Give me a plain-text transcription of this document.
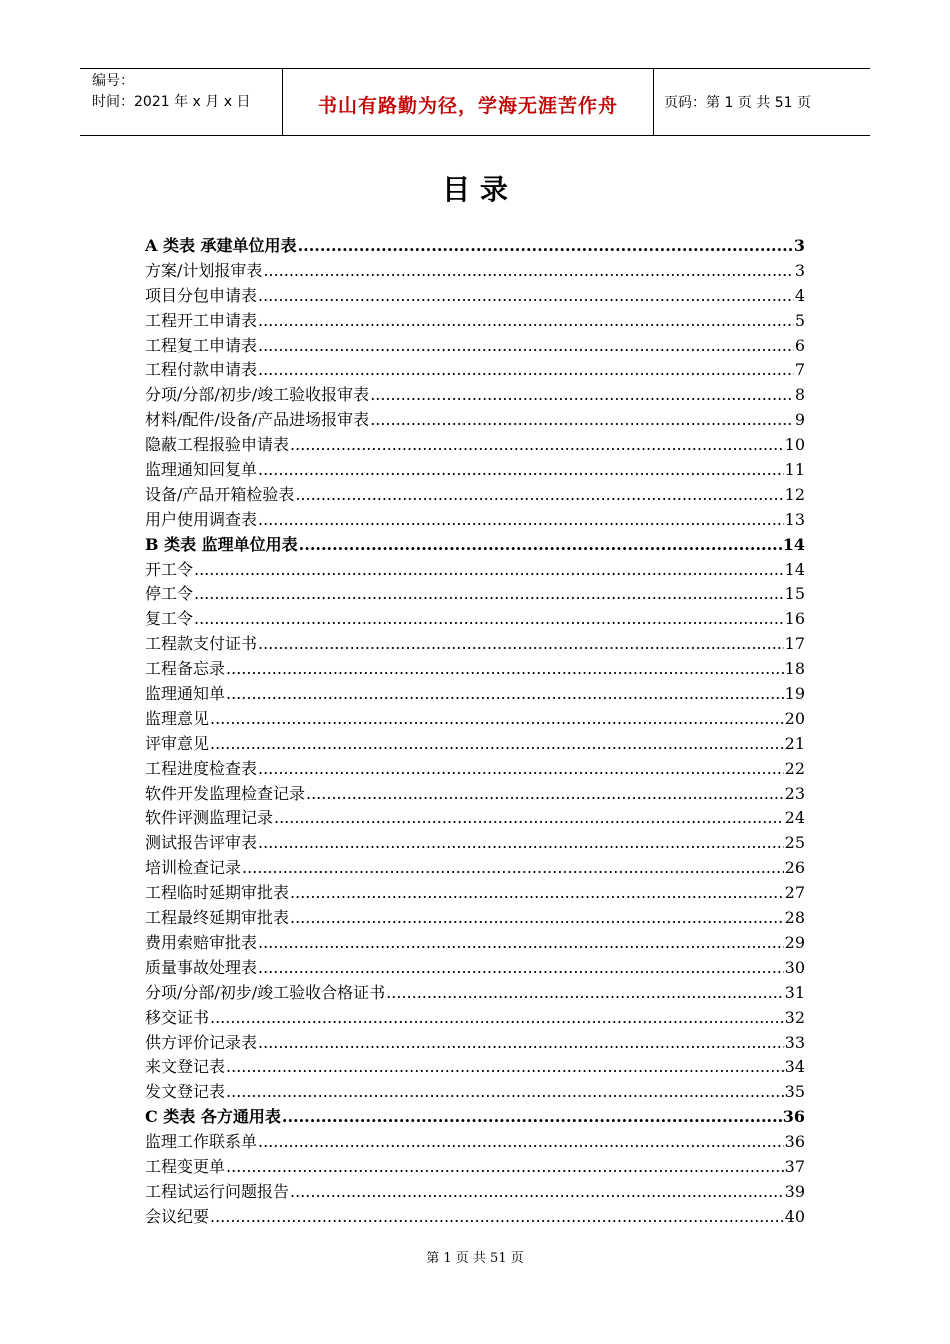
编号：
时间：2021 年 x 月 x 日	书山有路勤为径，学海无涯苦作舟	页码：第 1 页 共 51 页
目 录
A 类表 承建单位用表 .....	3
方案/计划报审表 .....	3
项目分包申请表 .....	4
工程开工申请表 .....	5
工程复工申请表 .....	6
工程付款申请表 .....	7
分项/分部/初步/竣工验收报审表 .....	8
材料/配件/设备/产品进场报审表 .....	9
隐蔽工程报验申请表 .....	10
监理通知回复单 .....	11
设备/产品开箱检验表 .....	12
用户使用调查表 .....	13
B 类表 监理单位用表 .....	14
开工令 .....	14
停工令 .....	15
复工令 .....	16
工程款支付证书 .....	17
工程备忘录 .....	18
监理通知单 .....	19
监理意见 .....	20
评审意见 .....	21
工程进度检查表 .....	22
软件开发监理检查记录 .....	23
软件评测监理记录 .....	24
测试报告评审表 .....	25
培训检查记录 .....	26
工程临时延期审批表 .....	27
工程最终延期审批表 .....	28
费用索赔审批表 .....	29
质量事故处理表 .....	30
分项/分部/初步/竣工验收合格证书 .....	31
移交证书 .....	32
供方评价记录表 .....	33
来文登记表 .....	34
发文登记表 .....	35
C 类表 各方通用表 .....	36
监理工作联系单 .....	36
工程变更单 .....	37
工程试运行问题报告 .....	39
会议纪要 .....	40
第 1 页 共 51 页
